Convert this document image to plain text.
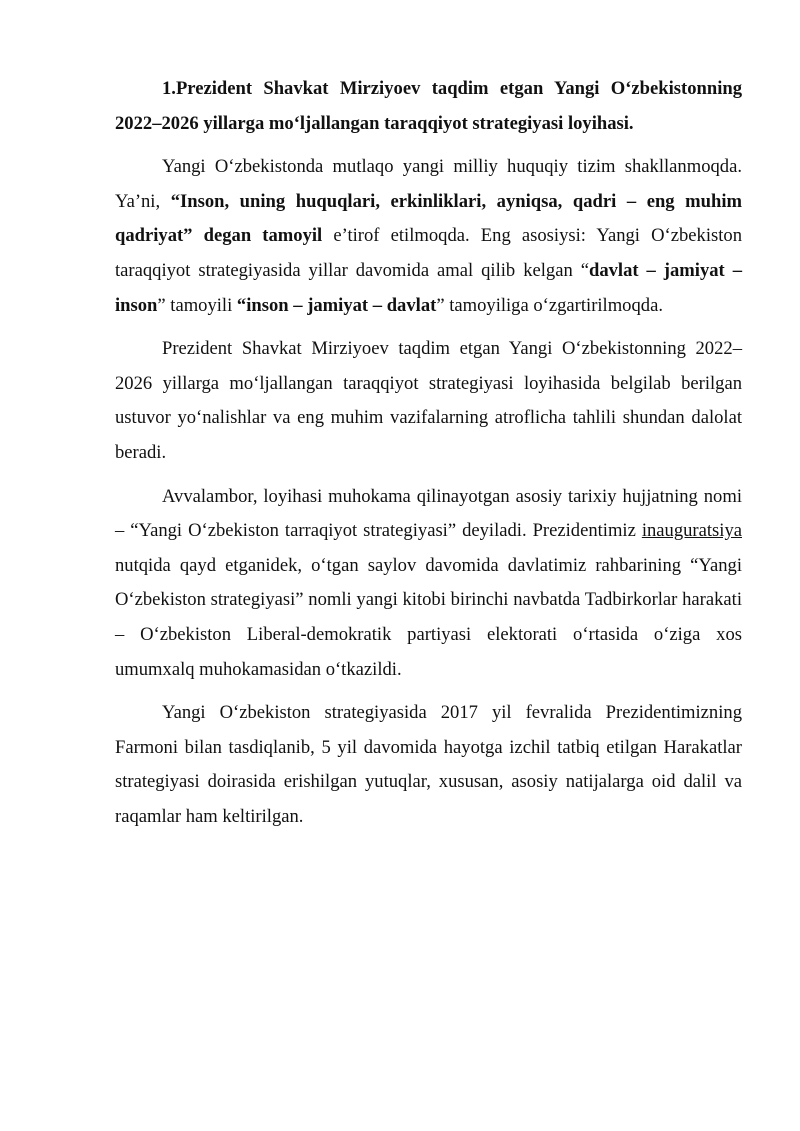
1.Prezident Shavkat Mirziyoev taqdim etgan Yangi O‘zbekistonning 2022–2026 yillarga mo‘ljallangan taraqqiyot strategiyasi loyihasi.

Yangi O‘zbekistonda mutlaqo yangi milliy huquqiy tizim shakllanmoqda. Ya’ni, “Inson, uning huquqlari, erkinliklari, ayniqsa, qadri – eng muhim qadriyat” degan tamoyil e’tirof etilmoqda. Eng asosiysi: Yangi O‘zbekiston taraqqiyot strategiyasida yillar davomida amal qilib kelgan “davlat – jamiyat – inson” tamoyili “inson – jamiyat – davlat” tamoyiliga o‘zgartirilmoqda.

Prezident Shavkat Mirziyoev taqdim etgan Yangi O‘zbekistonning 2022–2026 yillarga mo‘ljallangan taraqqiyot strategiyasi loyihasida belgilab berilgan ustuvor yo‘nalishlar va eng muhim vazifalarning atroflicha tahlili shundan dalolat beradi.

Avvalambor, loyihasi muhokama qilinayotgan asosiy tarixiy hujjatning nomi – “Yangi O‘zbekiston tarraqiyot strategiyasi” deyiladi. Prezidentimiz inauguratsiya nutqida qayd etganidek, o‘tgan saylov davomida davlatimiz rahbarining “Yangi O‘zbekiston strategiyasi” nomli yangi kitobi birinchi navbatda Tadbirkorlar harakati – O‘zbekiston Liberal-demokratik partiyasi elektorati o‘rtasida o‘ziga xos umumxalq muhokamasidan o‘tkazildi.

Yangi O‘zbekiston strategiyasida 2017 yil fevralida Prezidentimizning Farmoni bilan tasdiqlanib, 5 yil davomida hayotga izchil tatbiq etilgan Harakatlar strategiyasi doirasida erishilgan yutuqlar, xususan, asosiy natijalarga oid dalil va raqamlar ham keltirilgan.
